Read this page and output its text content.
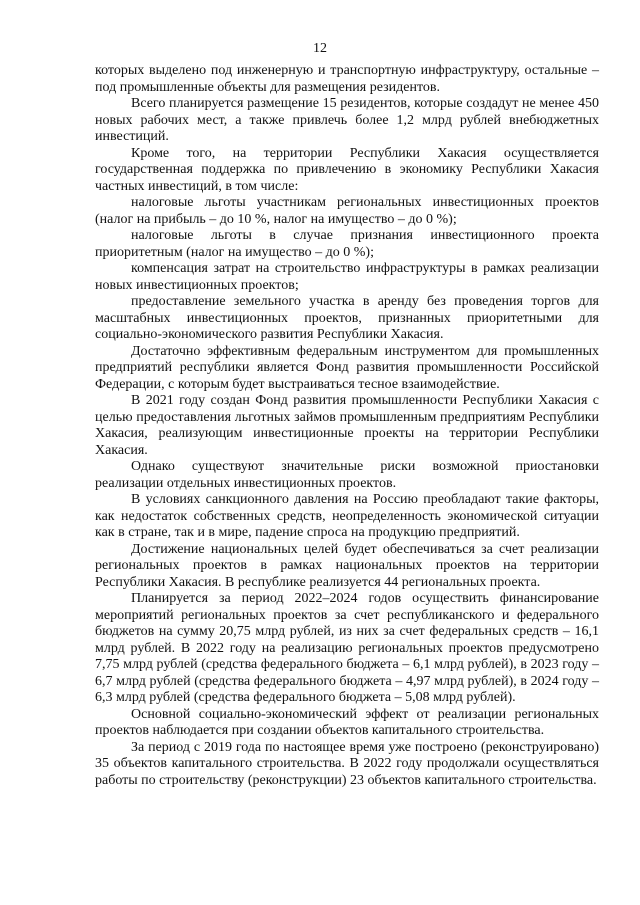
12

которых выделено под инженерную и транспортную инфраструктуру, остальные – под промышленные объекты для размещения резидентов.

Всего планируется размещение 15 резидентов, которые создадут не менее 450 новых рабочих мест, а также привлечь более 1,2 млрд рублей внебюджетных инвестиций.

Кроме того, на территории Республики Хакасия осуществляется государственная поддержка по привлечению в экономику Республики Хакасия частных инвестиций, в том числе:

налоговые льготы участникам региональных инвестиционных проектов (налог на прибыль – до 10 %, налог на имущество – до 0 %);

налоговые льготы в случае признания инвестиционного проекта приоритетным (налог на имущество – до 0 %);

компенсация затрат на строительство инфраструктуры в рамках реализации новых инвестиционных проектов;

предоставление земельного участка в аренду без проведения торгов для масштабных инвестиционных проектов, признанных приоритетными для социально-экономического развития Республики Хакасия.

Достаточно эффективным федеральным инструментом для промышленных предприятий республики является Фонд развития промышленности Российской Федерации, с которым будет выстраиваться тесное взаимодействие.

В 2021 году создан Фонд развития промышленности Республики Хакасия с целью предоставления льготных займов промышленным предприятиям Республики Хакасия, реализующим инвестиционные проекты на территории Республики Хакасия.

Однако существуют значительные риски возможной приостановки реализации отдельных инвестиционных проектов.

В условиях санкционного давления на Россию преобладают такие факторы, как недостаток собственных средств, неопределенность экономической ситуации как в стране, так и в мире, падение спроса на продукцию предприятий.

Достижение национальных целей будет обеспечиваться за счет реализации региональных проектов в рамках национальных проектов на территории Республики Хакасия. В республике реализуется 44 региональных проекта.

Планируется за период 2022–2024 годов осуществить финансирование мероприятий региональных проектов за счет республиканского и федерального бюджетов на сумму 20,75 млрд рублей, из них за счет федеральных средств – 16,1 млрд рублей. В 2022 году на реализацию региональных проектов предусмотрено 7,75 млрд рублей (средства федерального бюджета – 6,1 млрд рублей), в 2023 году – 6,7 млрд рублей (средства федерального бюджета – 4,97 млрд рублей), в 2024 году – 6,3 млрд рублей (средства федерального бюджета – 5,08 млрд рублей).

Основной социально-экономический эффект от реализации региональных проектов наблюдается при создании объектов капитального строительства.

За период с 2019 года по настоящее время уже построено (реконструировано) 35 объектов капитального строительства. В 2022 году продолжали осуществляться работы по строительству (реконструкции) 23 объектов капитального строительства.
